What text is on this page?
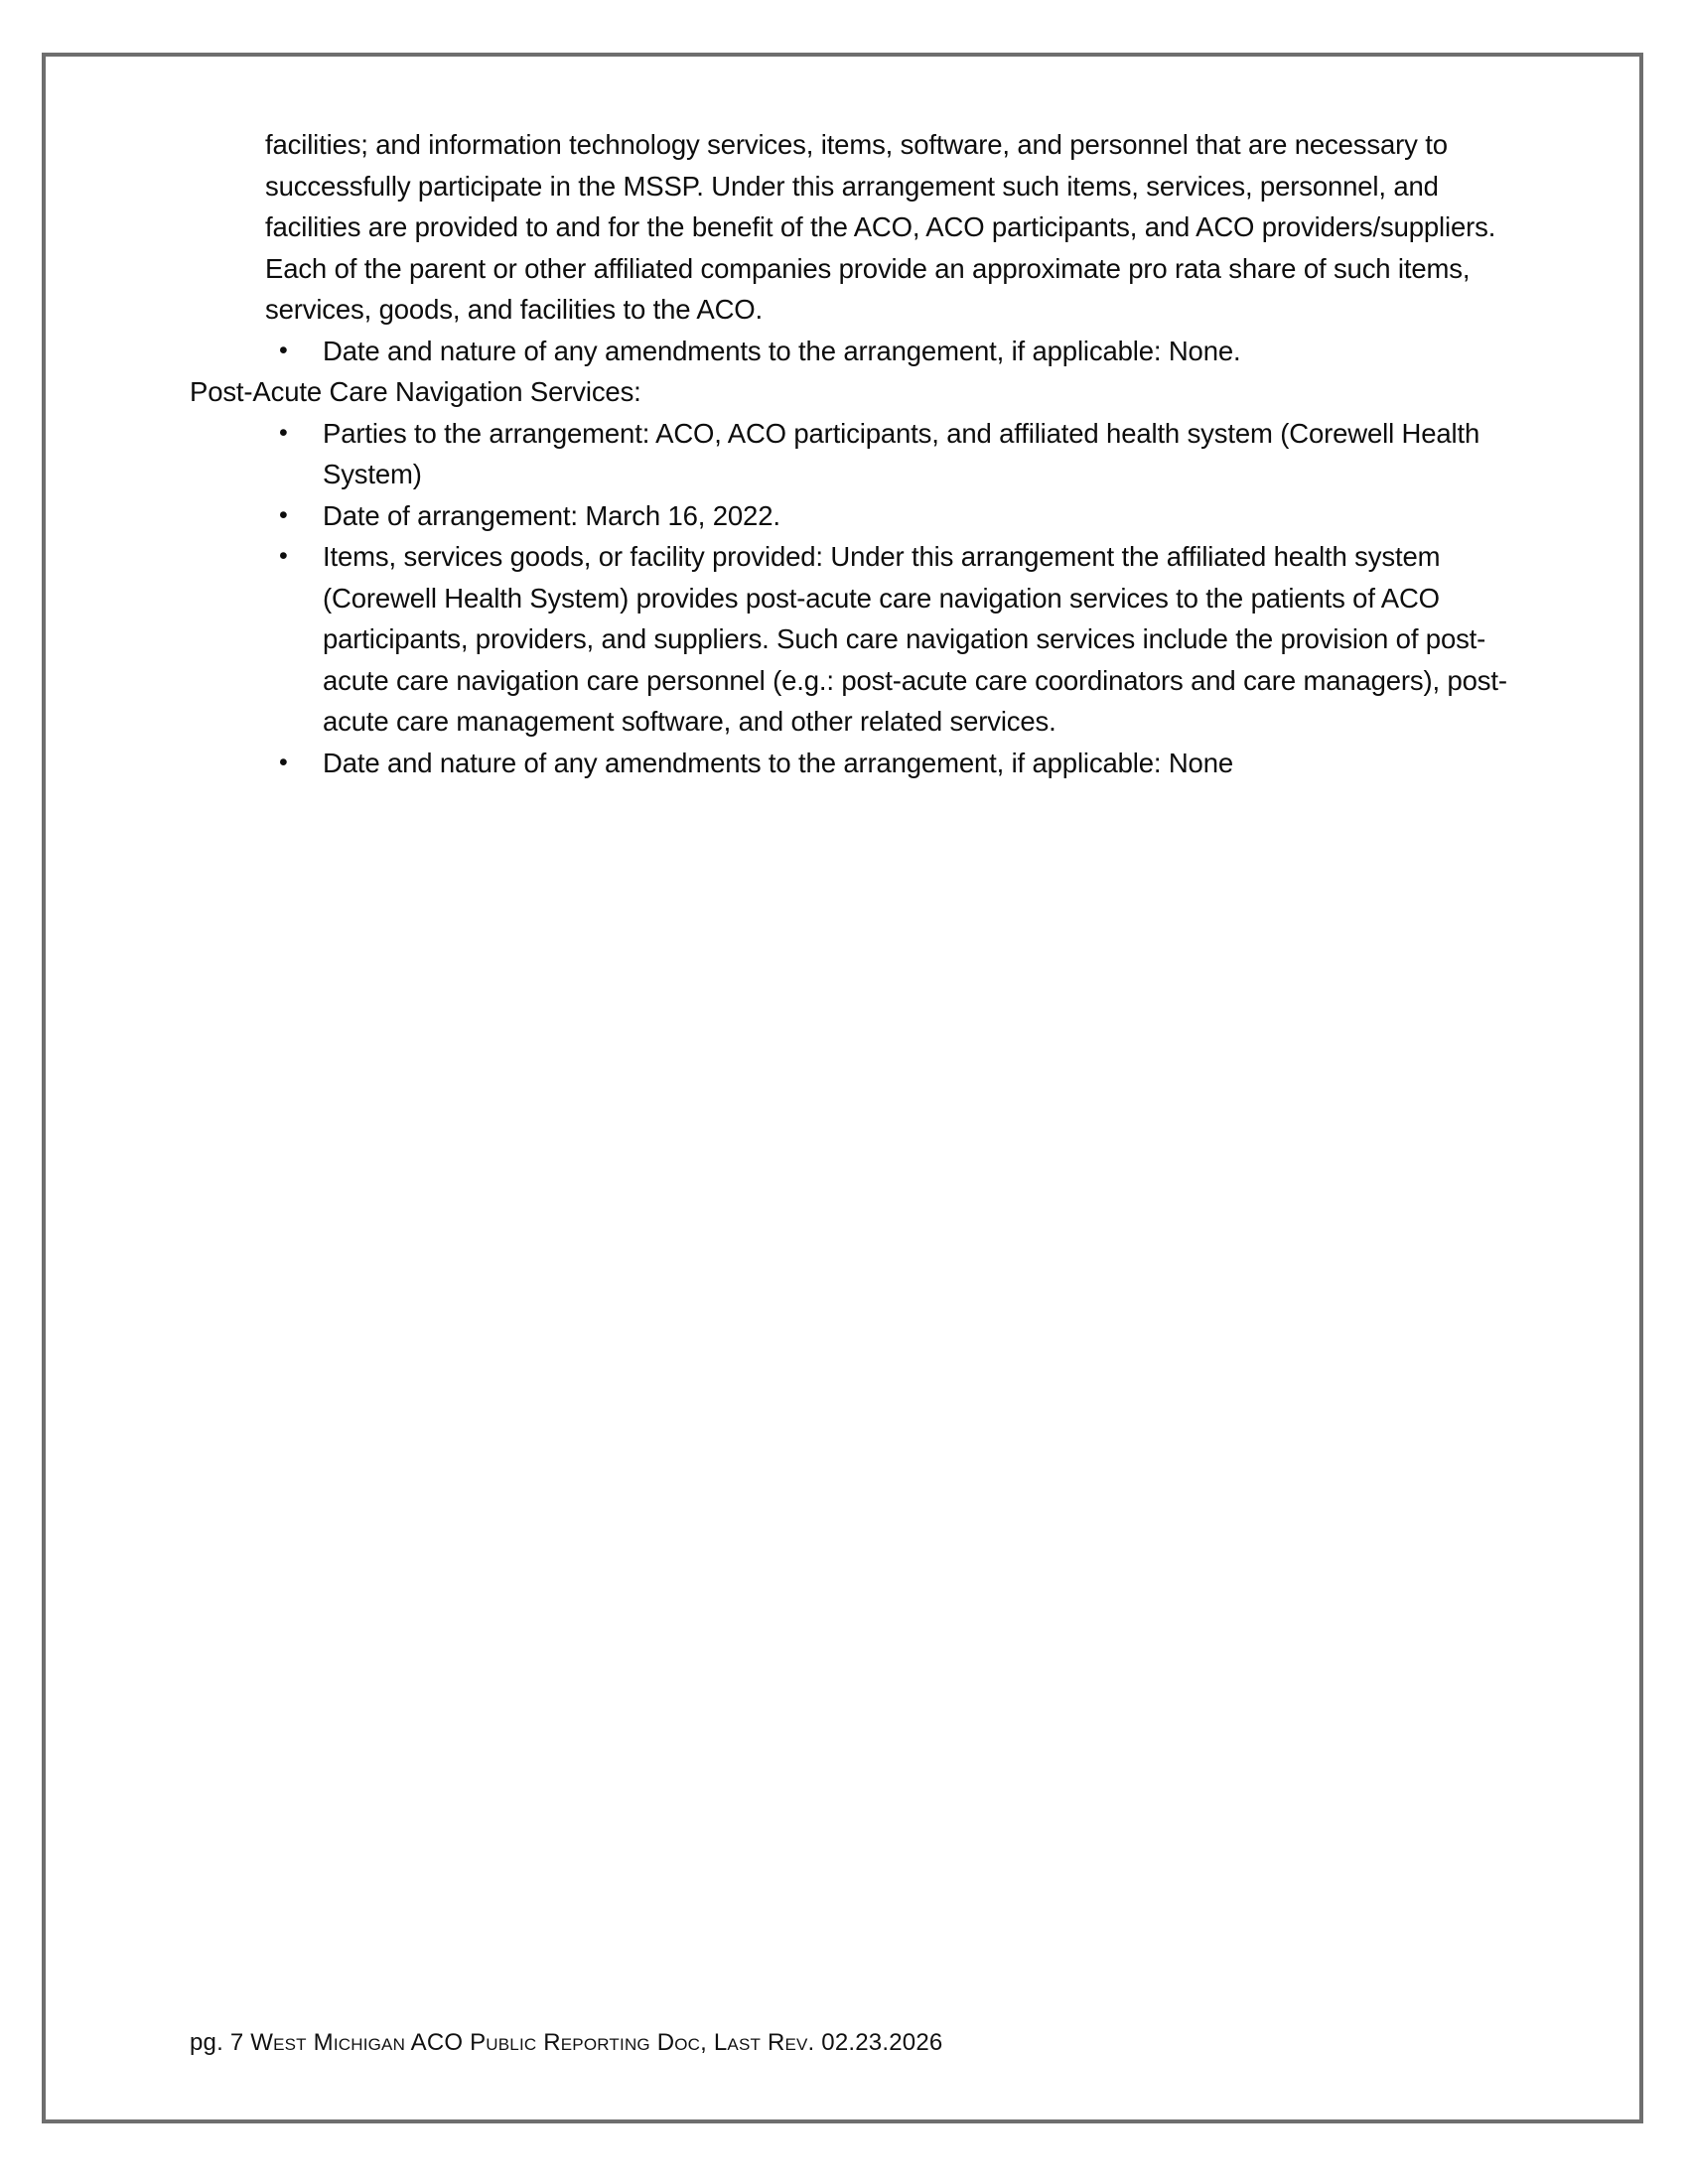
facilities; and information technology services, items, software, and personnel that are necessary to successfully participate in the MSSP. Under this arrangement such items, services, personnel, and facilities are provided to and for the benefit of the ACO, ACO participants, and ACO providers/suppliers. Each of the parent or other affiliated companies provide an approximate pro rata share of such items, services, goods, and facilities to the ACO.

• Date and nature of any amendments to the arrangement, if applicable: None.

Post-Acute Care Navigation Services:

• Parties to the arrangement: ACO, ACO participants, and affiliated health system (Corewell Health System)
• Date of arrangement: March 16, 2022.
• Items, services goods, or facility provided: Under this arrangement the affiliated health system (Corewell Health System) provides post-acute care navigation services to the patients of ACO participants, providers, and suppliers. Such care navigation services include the provision of post-acute care navigation care personnel (e.g.: post-acute care coordinators and care managers), post-acute care management software, and other related services.
• Date and nature of any amendments to the arrangement, if applicable: None
pg. 7 West Michigan ACO Public Reporting Doc, Last Rev. 02.23.2026
